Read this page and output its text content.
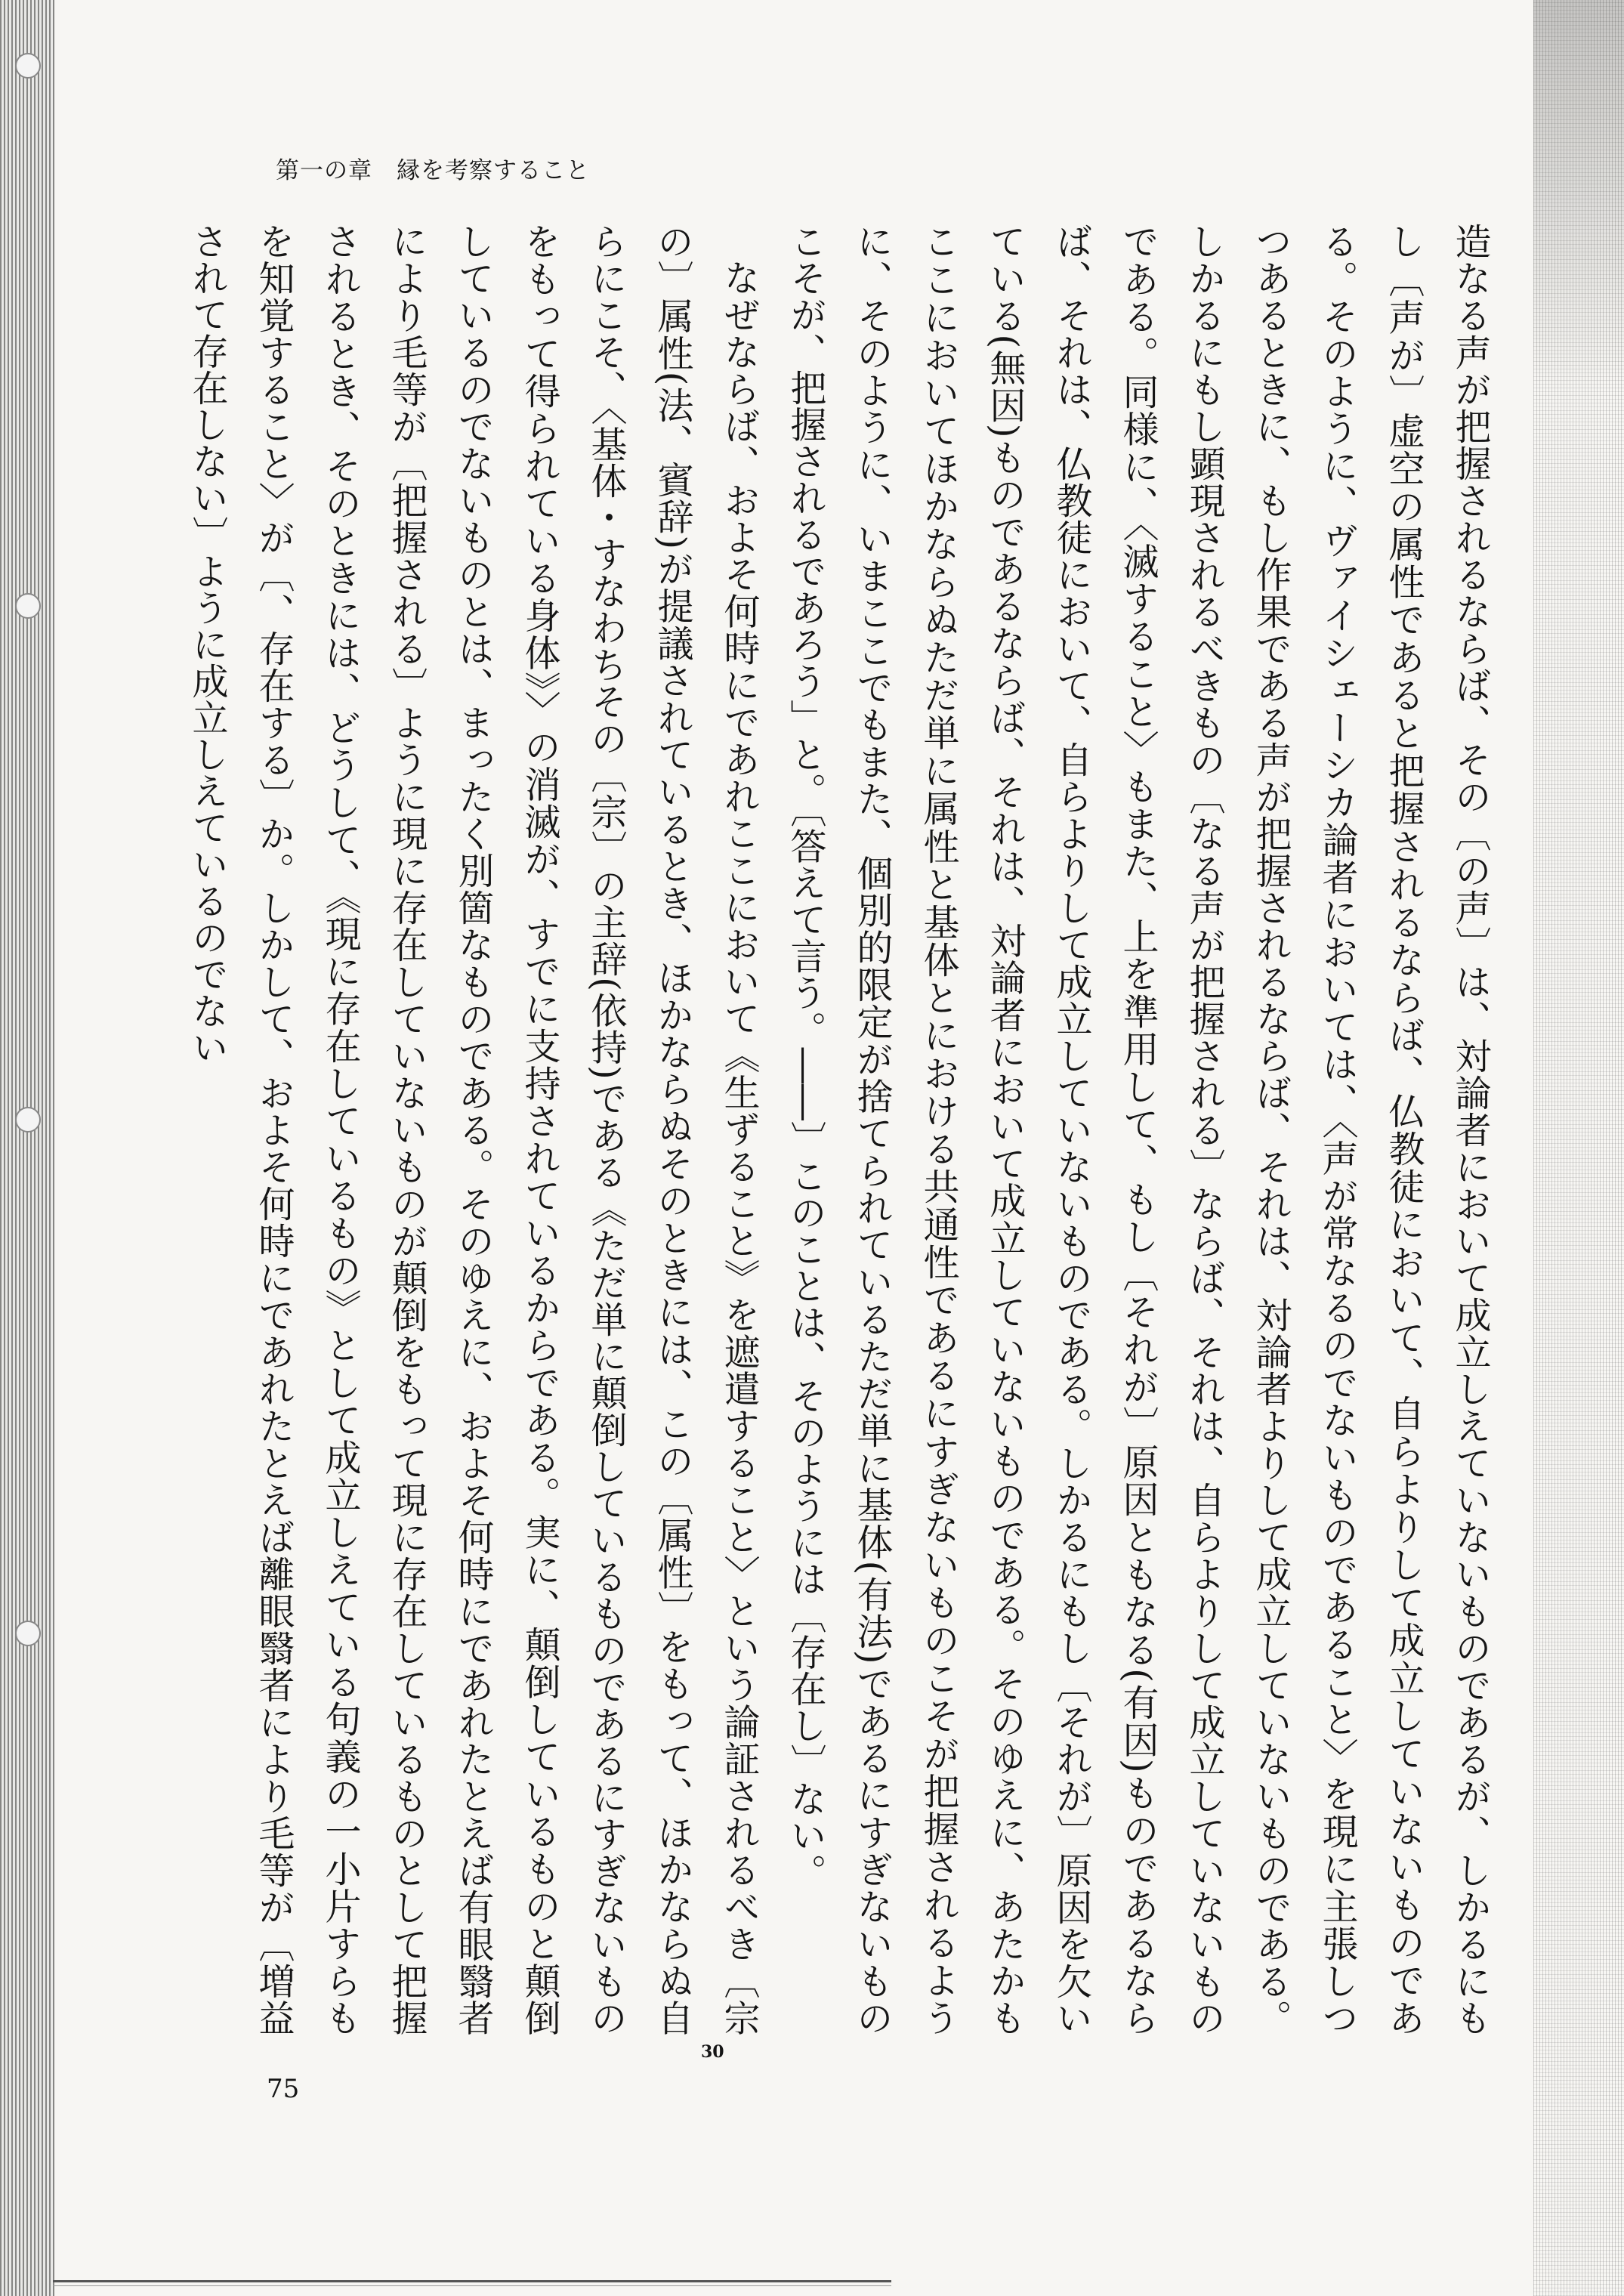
第一の章　縁を考察すること

造なる声が把握されるならば、その〔の声〕は、対論者において成立しえていないものであるが、しかるにもし〔声が〕虚空の属性であると把握されるならば、仏教徒において、自らよりして成立していないものである。そのように、ヴァイシェーシカ論者においては、〈声が常なるのでないものであること〉を現に主張しつつあるときに、もし作果である声が把握されるならば、それは、対論者よりして成立していないものである。しかるにもし顕現されるべきもの〔なる声が把握される〕ならば、それは、自らよりして成立していないものである。同様に、〈滅すること〉もまた、上を準用して、もし〔それが〕原因ともなる(有因)ものであるならば、それは、仏教徒において、自らよりして成立していないものである。しかるにもし〔それが〕原因を欠いている(無因)ものであるならば、それは、対論者において成立していないものである。そのゆえに、あたかもここにおいてほかならぬただ単に属性と基体とにおける共通性であるにすぎないものこそが把握されるように、そのように、いまここでもまた、個別的限定が捨てられているただ単に基体(有法)であるにすぎないものこそが、把握されるであろう」と。〔答えて言う。――〕このことは、そのようには〔存在し〕ない。

なぜならば、およそ何時にであれここにおいて《生ずること》を遮遣すること〉という論証されるべき〔宗の〕属性(法、賓辞)が提議されているとき、ほかならぬそのときには、この〔属性〕をもって、ほかならぬ自らにこそ、〈基体・すなわちその〔宗〕の主辞(依持)である《ただ単に顛倒しているものであるにすぎないものをもって得られている身体》〉の消滅が、すでに支持されているからである。実に、顛倒しているものと顛倒しているのでないものとは、まったく別箇なものである。そのゆえに、およそ何時にであれたとえば有眼翳者により毛等が〔把握される〕ように現に存在していないものが顛倒をもって現に存在しているものとして把握されるとき、そのときには、どうして、《現に存在しているもの》として成立しえている句義の一小片すらもを知覚すること〉が〔、存在する〕か。しかして、およそ何時にであれたとえば離眼翳者により毛等が〔増益されて存在しない〕ように成立しえているのでない

30
75
